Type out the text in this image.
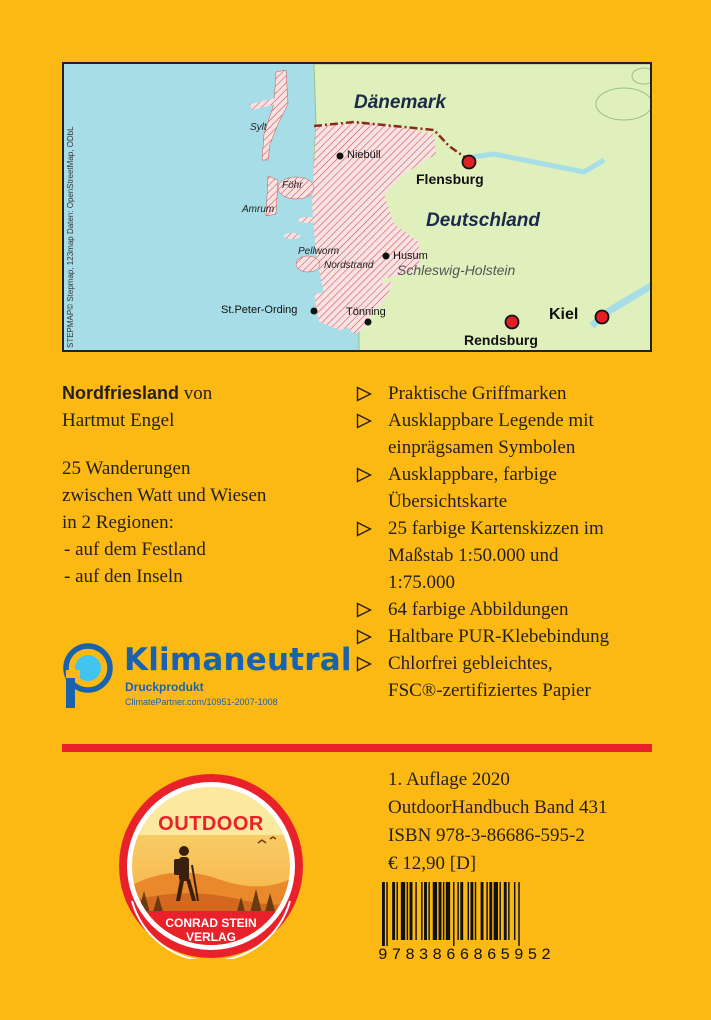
Dänemark
Deutschland
Schleswig-Holstein
Flensburg
Kiel
Rendsburg
Niebüll
Husum
Tönning
St.Peter-Ording
Sylt
Föhr
Amrum
Pellworm
Nordstrand
STEPMAP© Stepmap, 123map Daten: OpenStreetMap, ODbL
Nordfriesland von
Hartmut Engel
25 Wanderungen
zwischen Watt und Wiesen
in 2 Regionen:
- auf dem Festland
- auf den Inseln
Klimaneutral
Druckprodukt
ClimatePartner.com/10951-2007-1008
Praktische Griffmarken
Ausklappbare Legende mit
einprägsamen Symbolen
Ausklappbare, farbige
Übersichtskarte
25 farbige Kartenskizzen im
Maßstab 1:50.000 und
1:75.000
64 farbige Abbildungen
Haltbare PUR-Klebebindung
Chlorfrei gebleichtes,
FSC®-zertifiziertes Papier
OUTDOOR
CONRAD STEIN
VERLAG
1. Auflage 2020
OutdoorHandbuch Band 431
ISBN 978-3-86686-595-2
€ 12,90 [D]
9783866865952
